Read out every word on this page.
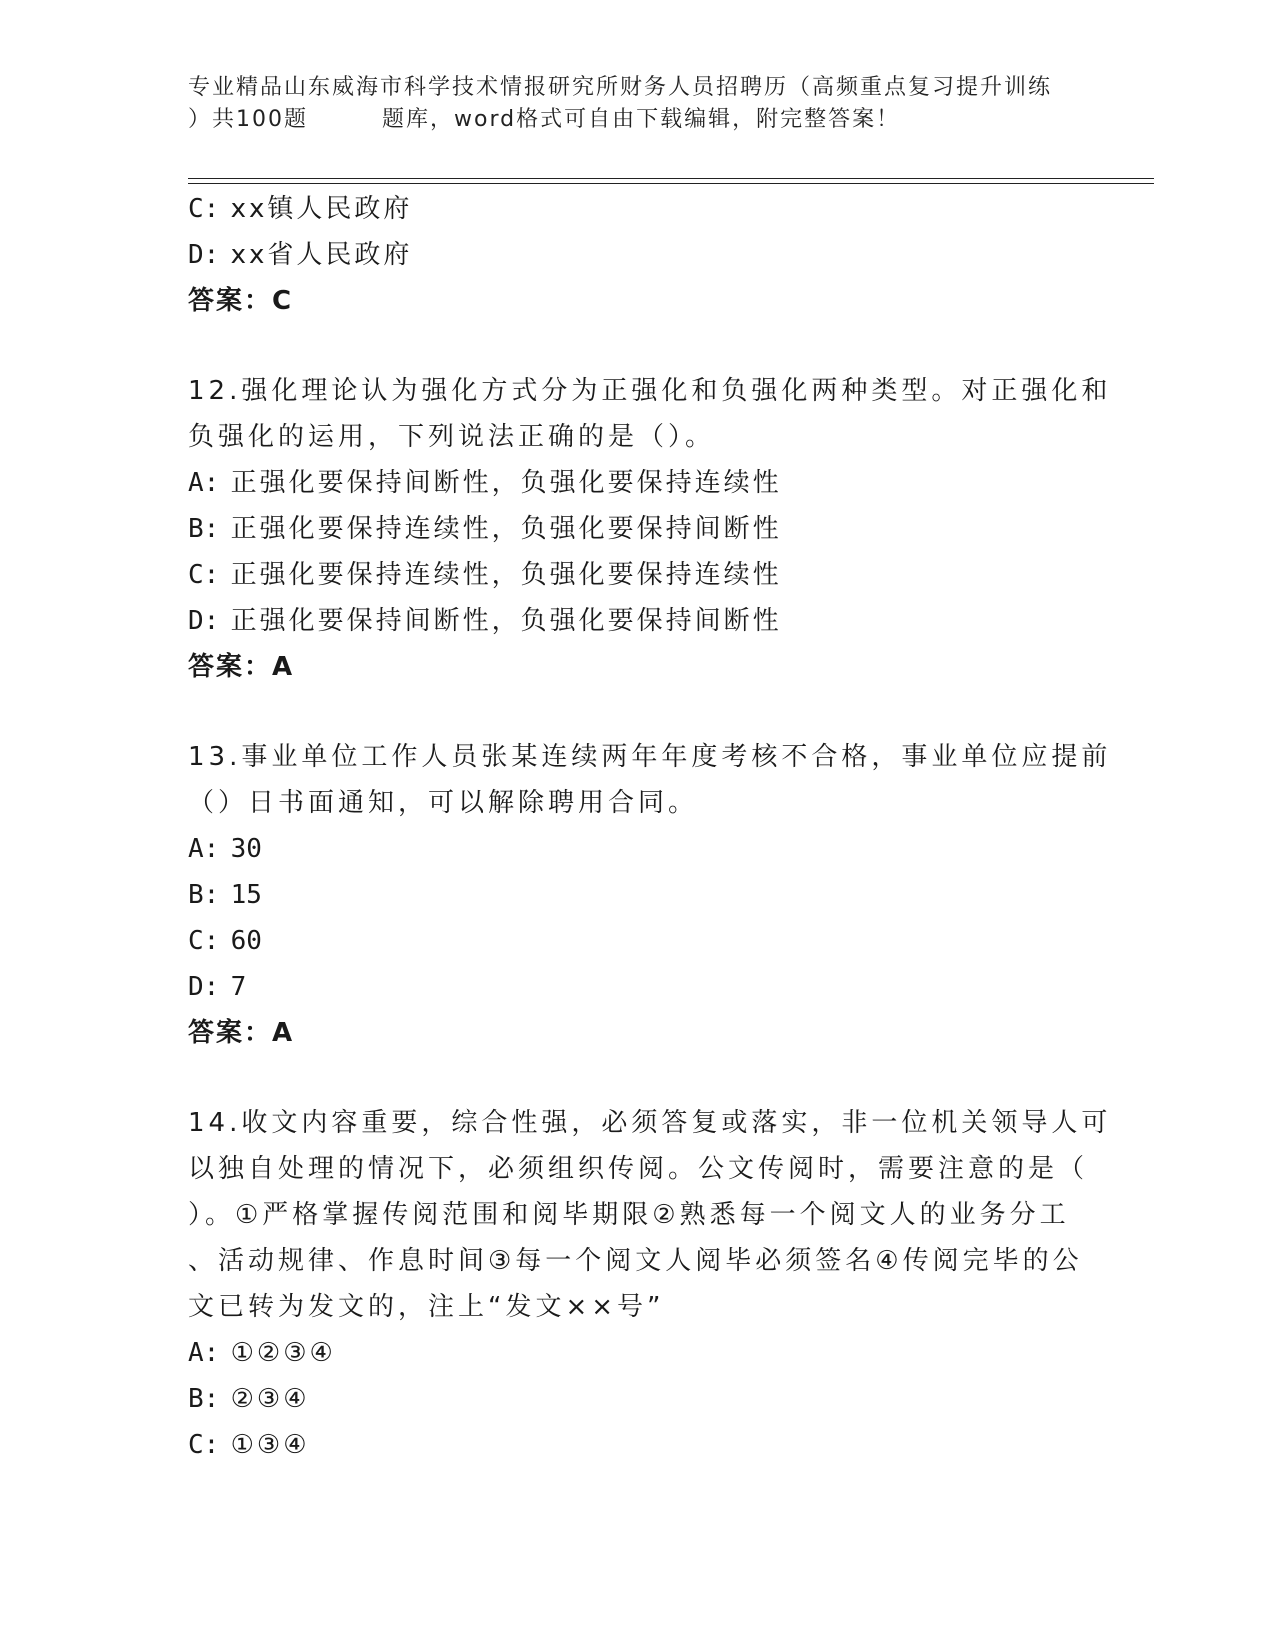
专业精品山东威海市科学技术情报研究所财务人员招聘历（高频重点复习提升训练
）共100题	题库，word格式可自由下载编辑，附完整答案！
C: xx镇人民政府
D: xx省人民政府
答案：C
12.强化理论认为强化方式分为正强化和负强化两种类型。对正强化和
负强化的运用，下列说法正确的是（）。
A: 正强化要保持间断性，负强化要保持连续性
B: 正强化要保持连续性，负强化要保持间断性
C: 正强化要保持连续性，负强化要保持连续性
D: 正强化要保持间断性，负强化要保持间断性
答案：A
13.事业单位工作人员张某连续两年年度考核不合格，事业单位应提前
（）日书面通知，可以解除聘用合同。
A: 30
B: 15
C: 60
D: 7
答案：A
14.收文内容重要，综合性强，必须答复或落实，非一位机关领导人可
以独自处理的情况下，必须组织传阅。公文传阅时，需要注意的是（
）。①严格掌握传阅范围和阅毕期限②熟悉每一个阅文人的业务分工
、活动规律、作息时间③每一个阅文人阅毕必须签名④传阅完毕的公
文已转为发文的，注上“发文××号”
A: ①②③④
B: ②③④
C: ①③④
